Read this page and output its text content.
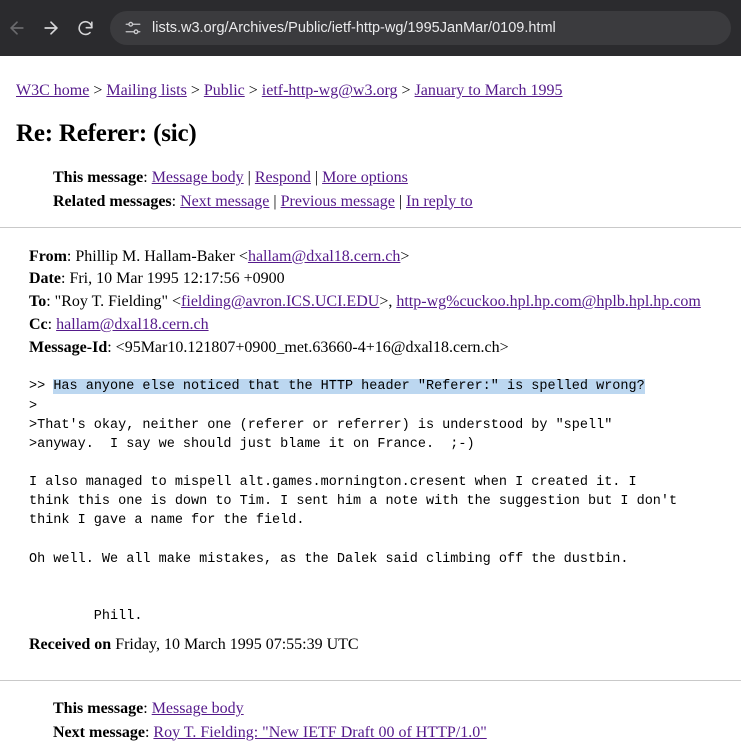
lists.w3.org/Archives/Public/ietf-http-wg/1995JanMar/0109.html
W3C home > Mailing lists > Public > ietf-http-wg@w3.org > January to March 1995
Re: Referer: (sic)
This message: Message body | Respond | More options
Related messages: Next message | Previous message | In reply to
From: Phillip M. Hallam-Baker <hallam@dxal18.cern.ch>
Date: Fri, 10 Mar 1995 12:17:56 +0900
To: "Roy T. Fielding" <fielding@avron.ICS.UCI.EDU>, http-wg%cuckoo.hpl.hp.com@hplb.hpl.hp.com
Cc: hallam@dxal18.cern.ch
Message-Id: <95Mar10.121807+0900_met.63660-4+16@dxal18.cern.ch>
>> Has anyone else noticed that the HTTP header "Referer:" is spelled wrong?
>
>That's okay, neither one (referer or referrer) is understood by "spell"
>anyway.  I say we should just blame it on France.  ;-)

I also managed to mispell alt.games.mornington.cresent when I created it. I
think this one is down to Tim. I sent him a note with the suggestion but I don't
think I gave a name for the field.

Oh well. We all make mistakes, as the Dalek said climbing off the dustbin.

Phill.
Received on Friday, 10 March 1995 07:55:39 UTC
This message: Message body
Next message: Roy T. Fielding: "New IETF Draft 00 of HTTP/1.0"
